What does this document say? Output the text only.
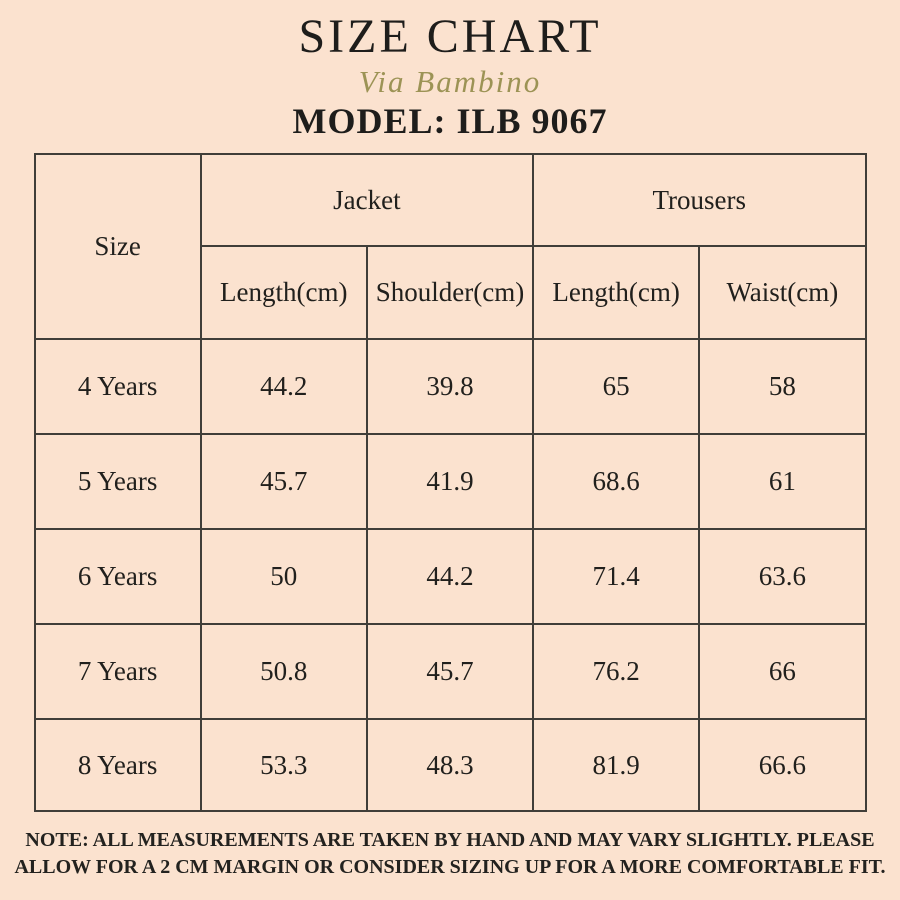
SIZE CHART
Via Bambino
MODEL: ILB 9067
Size	Jacket		Trousers	
	Length(cm)	Shoulder(cm)	Length(cm)	Waist(cm)
4 Years	44.2	39.8	65	58
5 Years	45.7	41.9	68.6	61
6 Years	50	44.2	71.4	63.6
7 Years	50.8	45.7	76.2	66
8 Years	53.3	48.3	81.9	66.6
NOTE: ALL MEASUREMENTS ARE TAKEN BY HAND AND MAY VARY SLIGHTLY. PLEASE
ALLOW FOR A 2 CM MARGIN OR CONSIDER SIZING UP FOR A MORE COMFORTABLE FIT.
